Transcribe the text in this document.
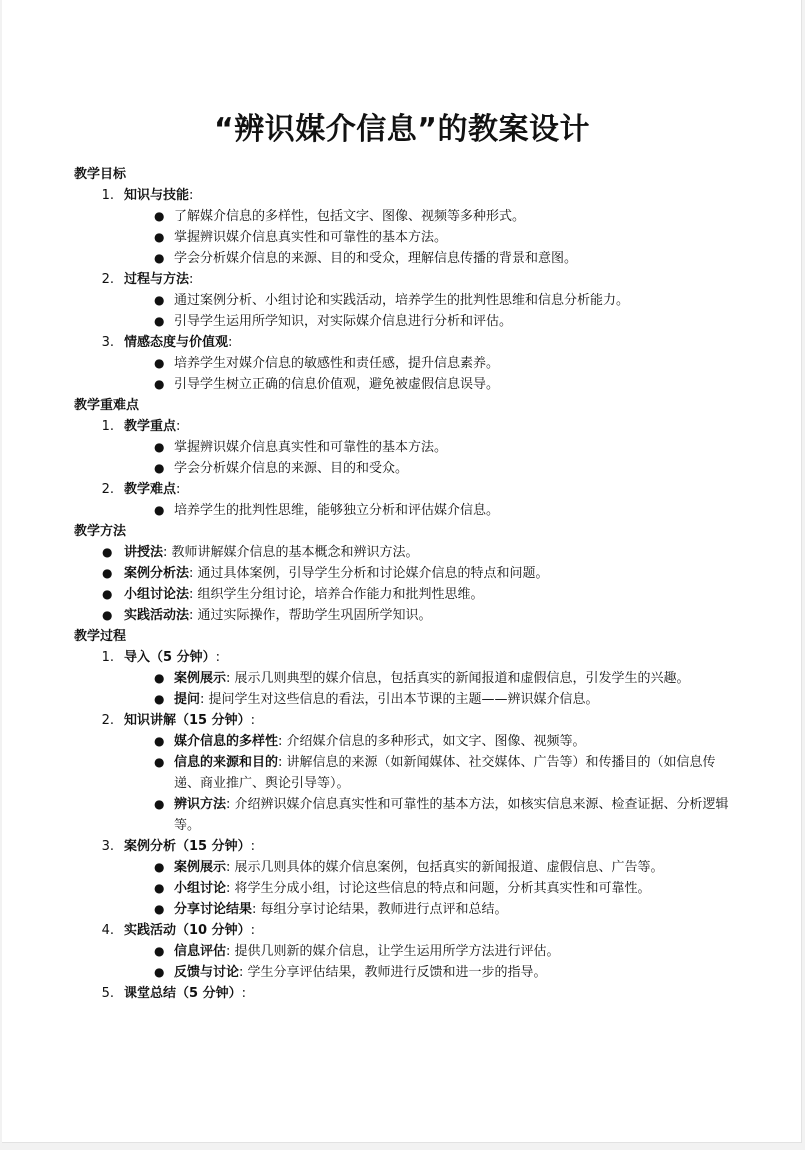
“辨识媒介信息”的教案设计
教学目标
1. 知识与技能:
● 了解媒介信息的多样性，包括文字、图像、视频等多种形式。
● 掌握辨识媒介信息真实性和可靠性的基本方法。
● 学会分析媒介信息的来源、目的和受众，理解信息传播的背景和意图。
2. 过程与方法:
● 通过案例分析、小组讨论和实践活动，培养学生的批判性思维和信息分析能力。
● 引导学生运用所学知识，对实际媒介信息进行分析和评估。
3. 情感态度与价值观:
● 培养学生对媒介信息的敏感性和责任感，提升信息素养。
● 引导学生树立正确的信息价值观，避免被虚假信息误导。
教学重难点
1. 教学重点:
● 掌握辨识媒介信息真实性和可靠性的基本方法。
● 学会分析媒介信息的来源、目的和受众。
2. 教学难点:
● 培养学生的批判性思维，能够独立分析和评估媒介信息。
教学方法
● 讲授法: 教师讲解媒介信息的基本概念和辨识方法。
● 案例分析法: 通过具体案例，引导学生分析和讨论媒介信息的特点和问题。
● 小组讨论法: 组织学生分组讨论，培养合作能力和批判性思维。
● 实践活动法: 通过实际操作，帮助学生巩固所学知识。
教学过程
1. 导入（5 分钟）:
● 案例展示: 展示几则典型的媒介信息，包括真实的新闻报道和虚假信息，引发学生的兴趣。
● 提问: 提问学生对这些信息的看法，引出本节课的主题——辨识媒介信息。
2. 知识讲解（15 分钟）:
● 媒介信息的多样性: 介绍媒介信息的多种形式，如文字、图像、视频等。
● 信息的来源和目的: 讲解信息的来源（如新闻媒体、社交媒体、广告等）和传播目的（如信息传递、商业推广、舆论引导等）。
● 辨识方法: 介绍辨识媒介信息真实性和可靠性的基本方法，如核实信息来源、检查证据、分析逻辑等。
3. 案例分析（15 分钟）:
● 案例展示: 展示几则具体的媒介信息案例，包括真实的新闻报道、虚假信息、广告等。
● 小组讨论: 将学生分成小组，讨论这些信息的特点和问题，分析其真实性和可靠性。
● 分享讨论结果: 每组分享讨论结果，教师进行点评和总结。
4. 实践活动（10 分钟）:
● 信息评估: 提供几则新的媒介信息，让学生运用所学方法进行评估。
● 反馈与讨论: 学生分享评估结果，教师进行反馈和进一步的指导。
5. 课堂总结（5 分钟）:
